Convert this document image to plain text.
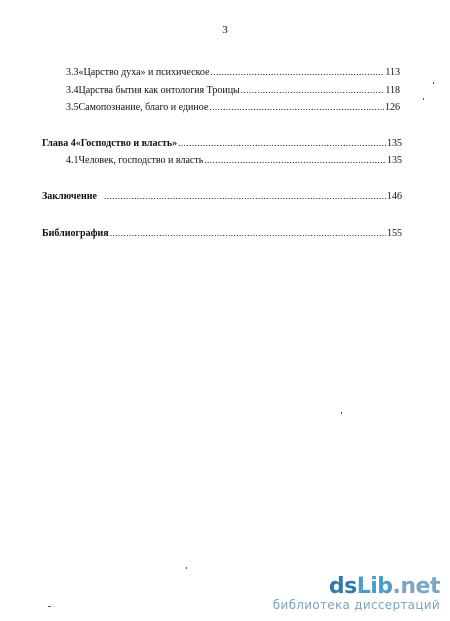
3
3.3 «Царство духа» и психическое .....	113
3.4 Царства бытия как онтология Троицы .....	118
3.5 Самопознание, благо и единое .....	126
Глава 4 «Господство и власть» .....	135
4.1 Человек, господство и власть .....	135
Заключение .....	146
Библиография .....	155
dsLib.net
библиотека диссертаций
